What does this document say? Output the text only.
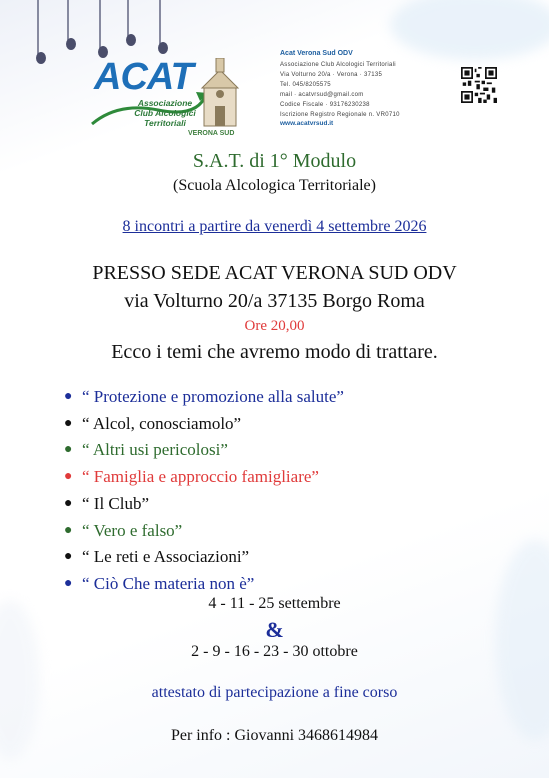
ACAT
Associazione
Club Alcologici
Territoriali
VERONA SUD
Acat Verona Sud ODV
Associazione Club Alcologici Territoriali
Via Volturno 20/a · Verona · 37135
Tel. 045/8205575
mail · acatvrsud@gmail.com
Codice Fiscale · 93176230238
Iscrizione Registro Regionale n. VR0710
www.acatvrsud.it
S.A.T. di 1° Modulo
(Scuola Alcologica Territoriale)
8 incontri a partire da venerdì 4 settembre 2026
PRESSO SEDE ACAT VERONA SUD ODV
via Volturno 20/a 37135 Borgo Roma
Ore 20,00
Ecco i temi che avremo modo di trattare.
● “ Protezione e promozione alla salute”
● “ Alcol, conosciamolo”
● “ Altri usi pericolosi”
● “ Famiglia e approccio famigliare”
● “ Il Club”
● “ Vero e falso”
● “ Le reti e Associazioni”
● “ Ciò Che materia non è”
4 - 11 - 25 settembre
&
2 - 9 - 16 - 23 - 30 ottobre
attestato di partecipazione a fine corso
Per info : Giovanni 3468614984
